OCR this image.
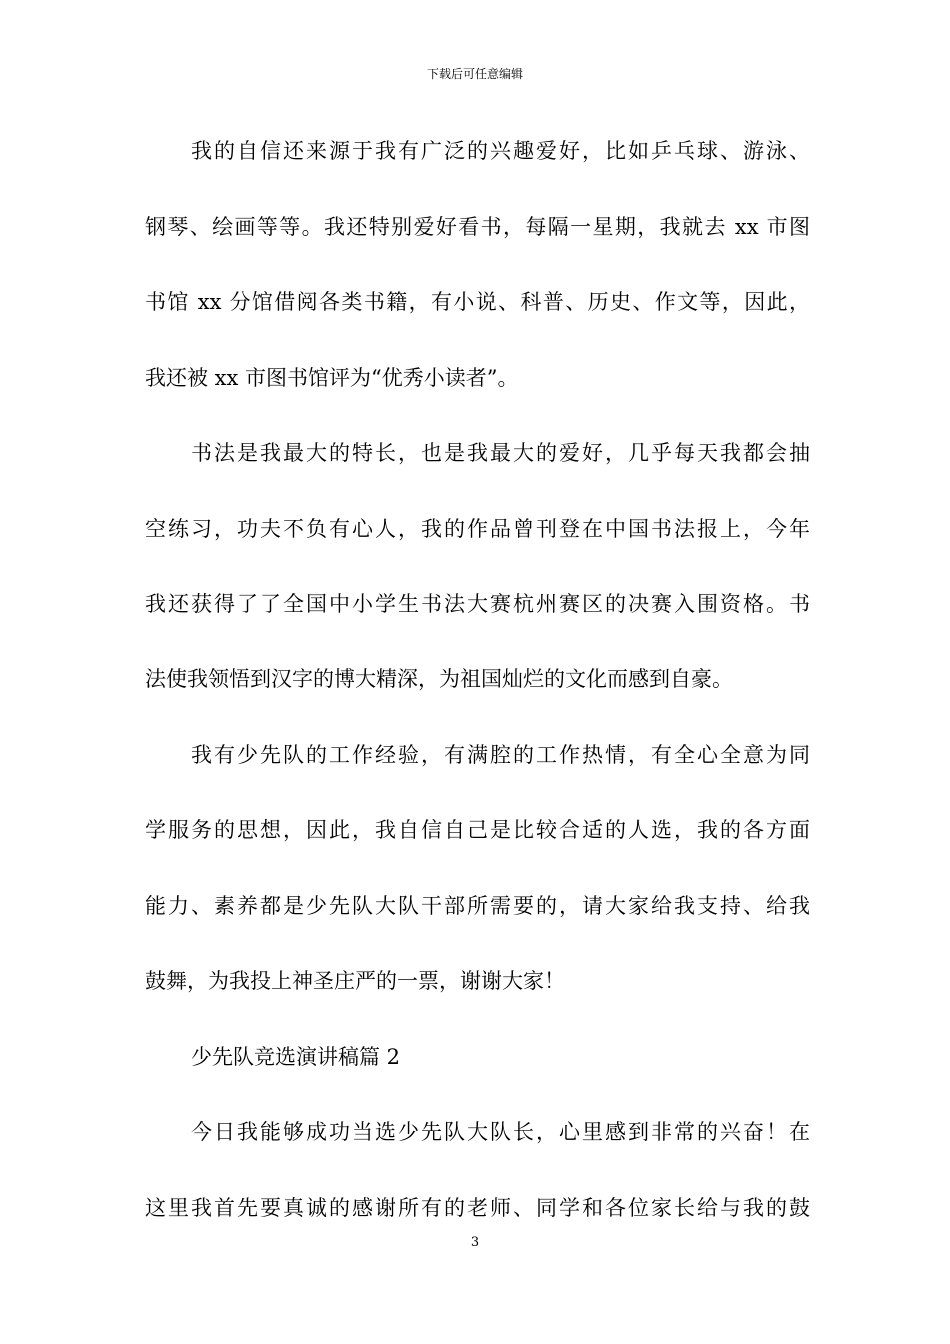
下载后可任意编辑
我的自信还来源于我有广泛的兴趣爱好，比如乒乓球、游泳、
钢琴、绘画等等。我还特别爱好看书，每隔一星期，我就去 xx 市图
书馆 xx 分馆借阅各类书籍，有小说、科普、历史、作文等，因此，
我还被 xx 市图书馆评为“优秀小读者”。
书法是我最大的特长，也是我最大的爱好，几乎每天我都会抽
空练习，功夫不负有心人，我的作品曾刊登在中国书法报上，今年
我还获得了了全国中小学生书法大赛杭州赛区的决赛入围资格。书
法使我领悟到汉字的博大精深，为祖国灿烂的文化而感到自豪。
我有少先队的工作经验，有满腔的工作热情，有全心全意为同
学服务的思想，因此，我自信自己是比较合适的人选，我的各方面
能力、素养都是少先队大队干部所需要的，请大家给我支持、给我
鼓舞，为我投上神圣庄严的一票，谢谢大家！
少先队竞选演讲稿篇 2
今日我能够成功当选少先队大队长，心里感到非常的兴奋！在
这里我首先要真诚的感谢所有的老师、同学和各位家长给与我的鼓
3
